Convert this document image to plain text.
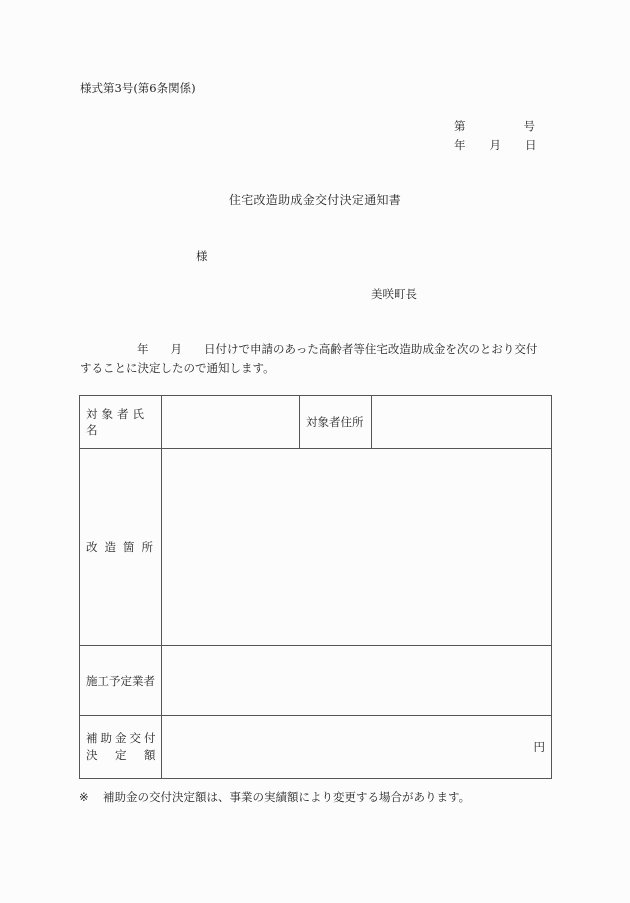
様式第3号(第6条関係)
第	号
年 月 日
住宅改造助成金交付決定通知書
様
美咲町長
年 月 日付けで申請のあった高齢者等住宅改造助成金を次のとおり交付
することに決定したので通知します。
対象者氏名		対象者住所	
改造箇所			
施工予定業者			

補助金交付
決 定 額	円		
※ 補助金の交付決定額は、事業の実績額により変更する場合があります。
